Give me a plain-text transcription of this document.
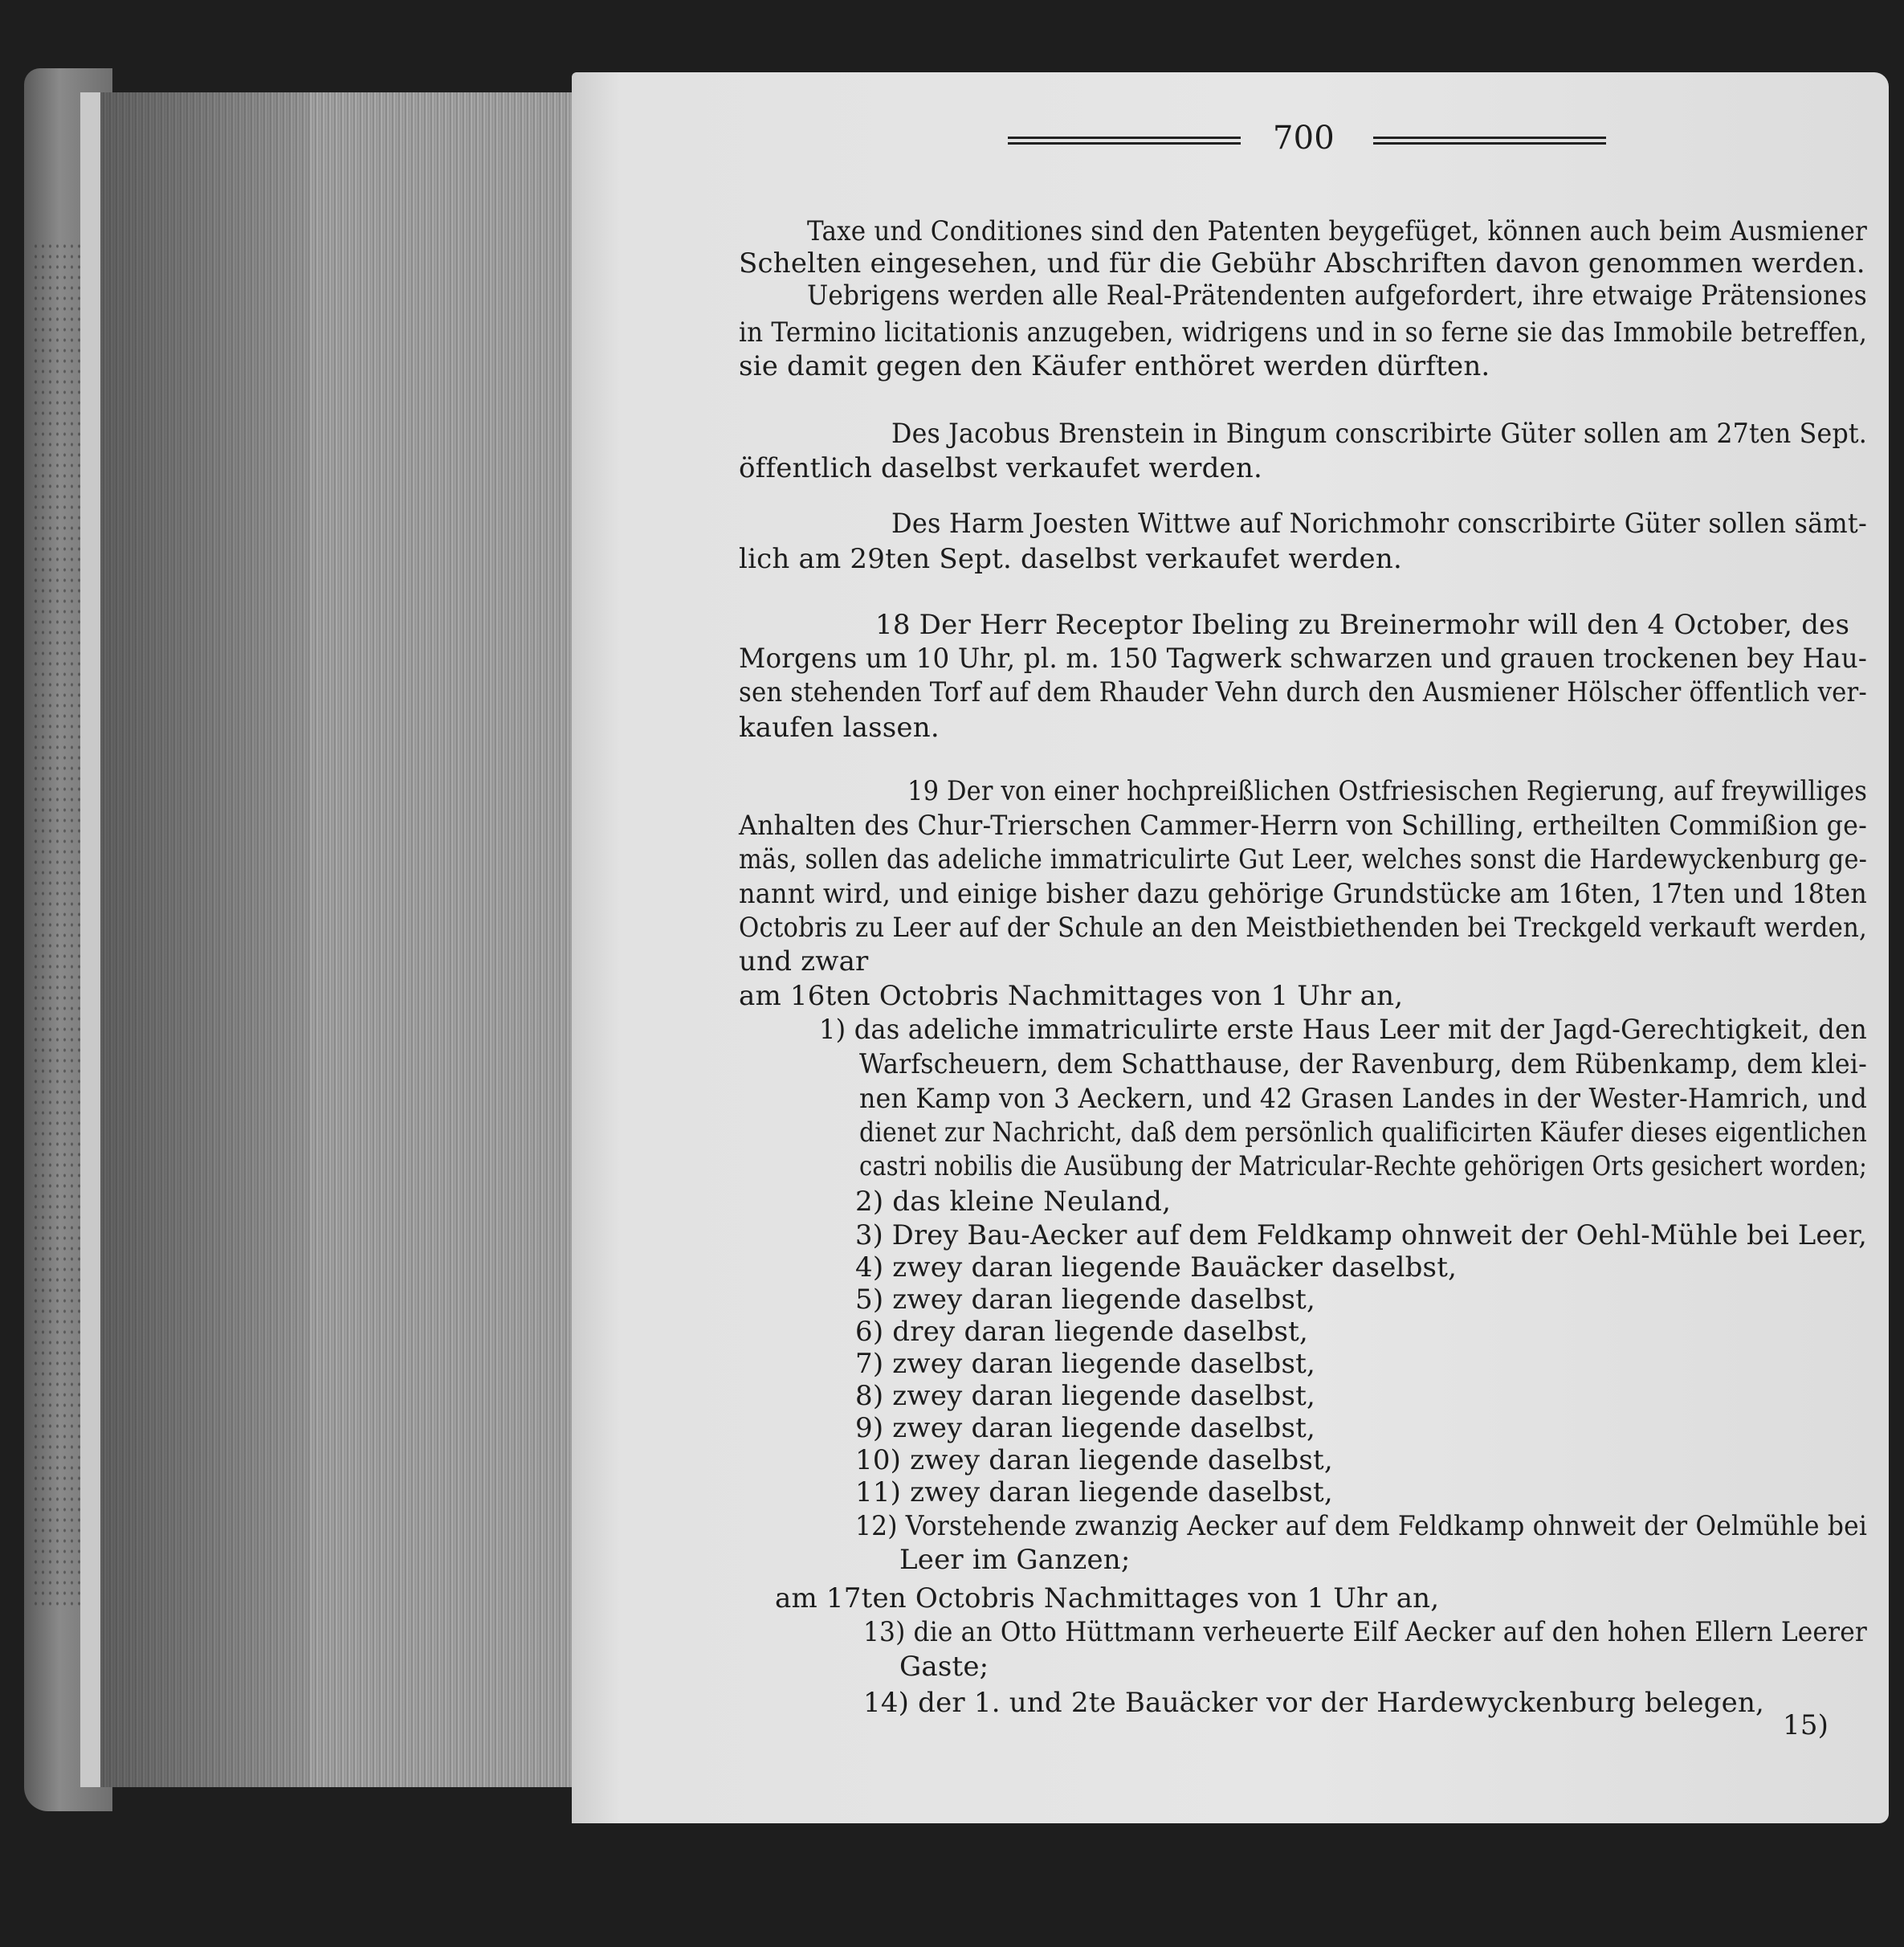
700
Taxe und Conditiones sind den Patenten beygefüget, können auch beim Ausmiener
Schelten eingesehen, und für die Gebühr Abschriften davon genommen werden.
Uebrigens werden alle Real-Prätendenten aufgefordert, ihre etwaige Prätensiones
in Termino licitationis anzugeben, widrigens und in so ferne sie das Immobile betreffen,
sie damit gegen den Käufer enthöret werden dürften.
Des Jacobus Brenstein in Bingum conscribirte Güter sollen am 27ten Sept.
öffentlich daselbst verkaufet werden.
Des Harm Joesten Wittwe auf Norichmohr conscribirte Güter sollen sämt-
lich am 29ten Sept. daselbst verkaufet werden.
18 Der Herr Receptor Ibeling zu Breinermohr will den 4 October, des
Morgens um 10 Uhr, pl. m. 150 Tagwerk schwarzen und grauen trockenen bey Hau-
sen stehenden Torf auf dem Rhauder Vehn durch den Ausmiener Hölscher öffentlich ver-
kaufen lassen.
19 Der von einer hochpreißlichen Ostfriesischen Regierung, auf freywilliges
Anhalten des Chur-Trierschen Cammer-Herrn von Schilling, ertheilten Commißion ge-
mäs, sollen das adeliche immatriculirte Gut Leer, welches sonst die Hardewyckenburg ge-
nannt wird, und einige bisher dazu gehörige Grundstücke am 16ten, 17ten und 18ten
Octobris zu Leer auf der Schule an den Meistbiethenden bei Treckgeld verkauft werden,
und zwar
am 16ten Octobris Nachmittages von 1 Uhr an,
1) das adeliche immatriculirte erste Haus Leer mit der Jagd-Gerechtigkeit, den
Warfscheuern, dem Schatthause, der Ravenburg, dem Rübenkamp, dem klei-
nen Kamp von 3 Aeckern, und 42 Grasen Landes in der Wester-Hamrich, und
dienet zur Nachricht, daß dem persönlich qualificirten Käufer dieses eigentlichen
castri nobilis die Ausübung der Matricular-Rechte gehörigen Orts gesichert worden;
2) das kleine Neuland,
3) Drey Bau-Aecker auf dem Feldkamp ohnweit der Oehl-Mühle bei Leer,
4) zwey daran liegende Bauäcker daselbst,
5) zwey daran liegende daselbst,
6) drey daran liegende daselbst,
7) zwey daran liegende daselbst,
8) zwey daran liegende daselbst,
9) zwey daran liegende daselbst,
10) zwey daran liegende daselbst,
11) zwey daran liegende daselbst,
12) Vorstehende zwanzig Aecker auf dem Feldkamp ohnweit der Oelmühle bei
Leer im Ganzen;
am 17ten Octobris Nachmittages von 1 Uhr an,
13) die an Otto Hüttmann verheuerte Eilf Aecker auf den hohen Ellern Leerer
Gaste;
14) der 1. und 2te Bauäcker vor der Hardewyckenburg belegen,
15)
